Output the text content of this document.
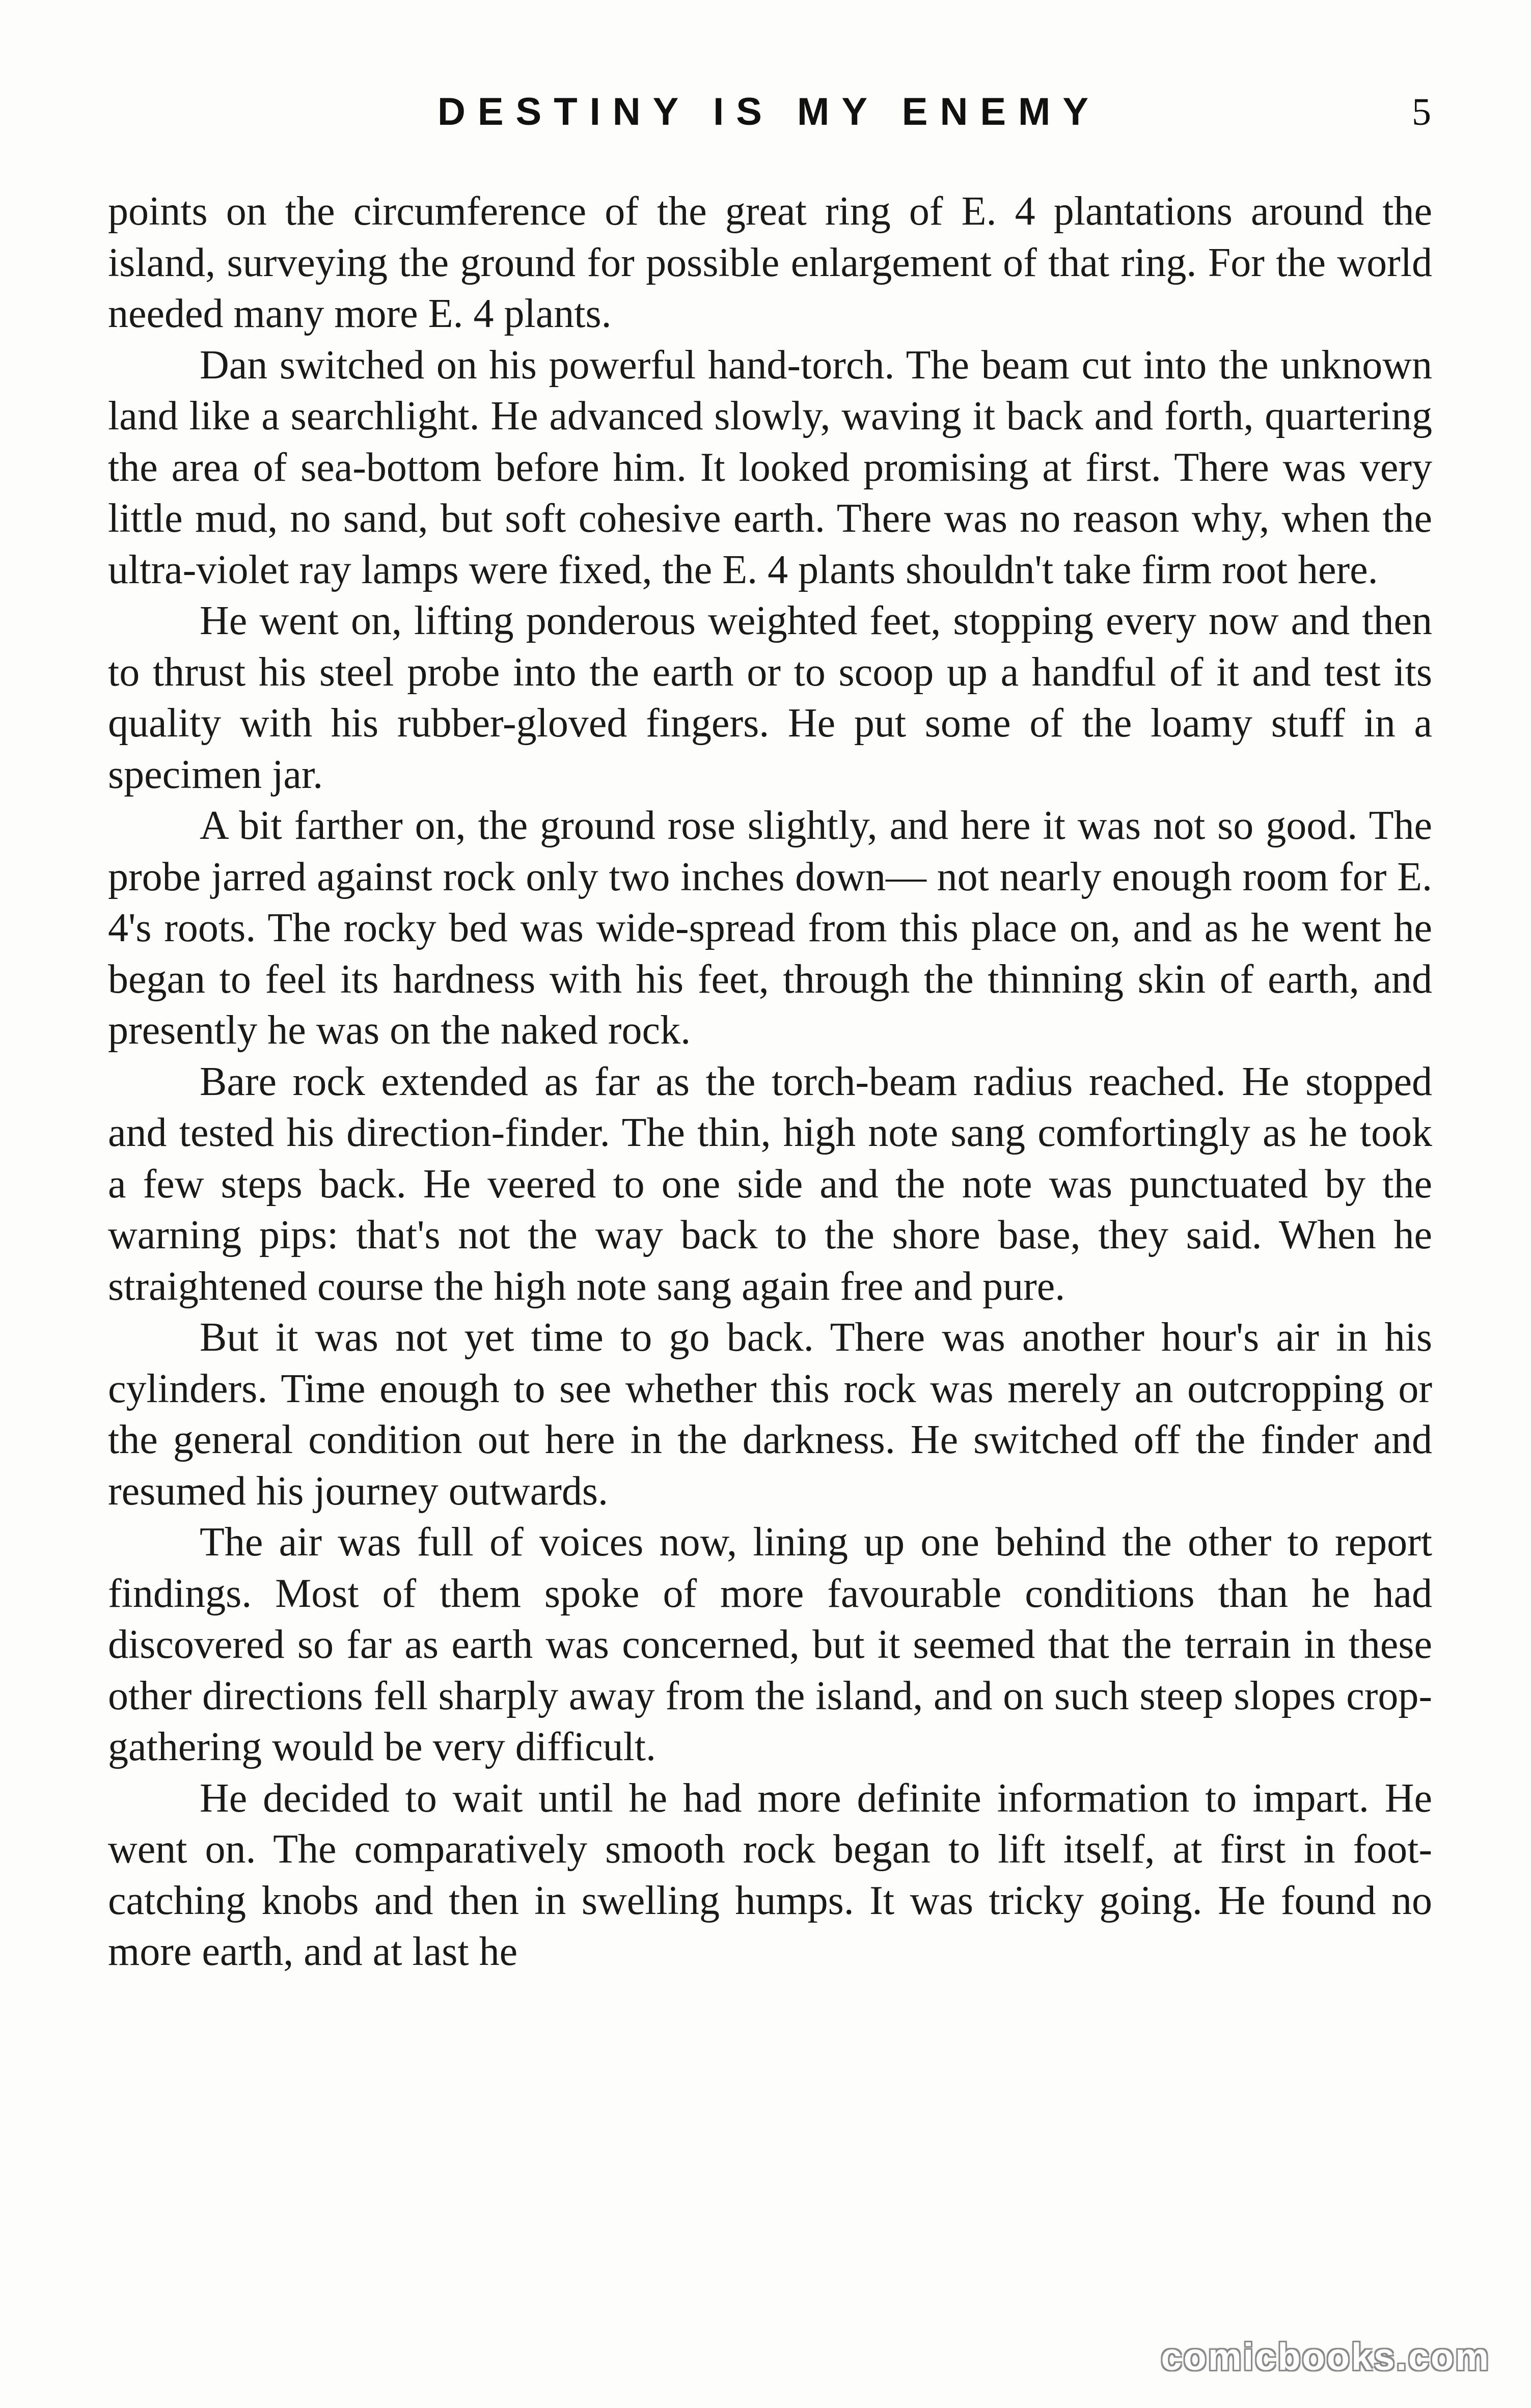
DESTINY IS MY ENEMY	5

points on the circumference of the great ring of E. 4 plantations around the island, surveying the ground for possible enlargement of that ring. For the world needed many more E. 4 plants.

Dan switched on his powerful hand-torch. The beam cut into the unknown land like a searchlight. He advanced slowly, waving it back and forth, quartering the area of sea-bottom before him. It looked promising at first. There was very little mud, no sand, but soft cohesive earth. There was no reason why, when the ultra-violet ray lamps were fixed, the E. 4 plants shouldn't take firm root here.

He went on, lifting ponderous weighted feet, stopping every now and then to thrust his steel probe into the earth or to scoop up a handful of it and test its quality with his rubber-gloved fingers. He put some of the loamy stuff in a specimen jar.

A bit farther on, the ground rose slightly, and here it was not so good. The probe jarred against rock only two inches down— not nearly enough room for E. 4's roots. The rocky bed was wide-spread from this place on, and as he went he began to feel its hardness with his feet, through the thinning skin of earth, and presently he was on the naked rock.

Bare rock extended as far as the torch-beam radius reached. He stopped and tested his direction-finder. The thin, high note sang comfortingly as he took a few steps back. He veered to one side and the note was punctuated by the warning pips: that's not the way back to the shore base, they said. When he straightened course the high note sang again free and pure.

But it was not yet time to go back. There was another hour's air in his cylinders. Time enough to see whether this rock was merely an outcropping or the general condition out here in the darkness. He switched off the finder and resumed his journey outwards.

The air was full of voices now, lining up one behind the other to report findings. Most of them spoke of more favourable conditions than he had discovered so far as earth was concerned, but it seemed that the terrain in these other directions fell sharply away from the island, and on such steep slopes crop-gathering would be very difficult.

He decided to wait until he had more definite information to impart. He went on. The comparatively smooth rock began to lift itself, at first in foot-catching knobs and then in swelling humps. It was tricky going. He found no more earth, and at last he

comicbooks.com
